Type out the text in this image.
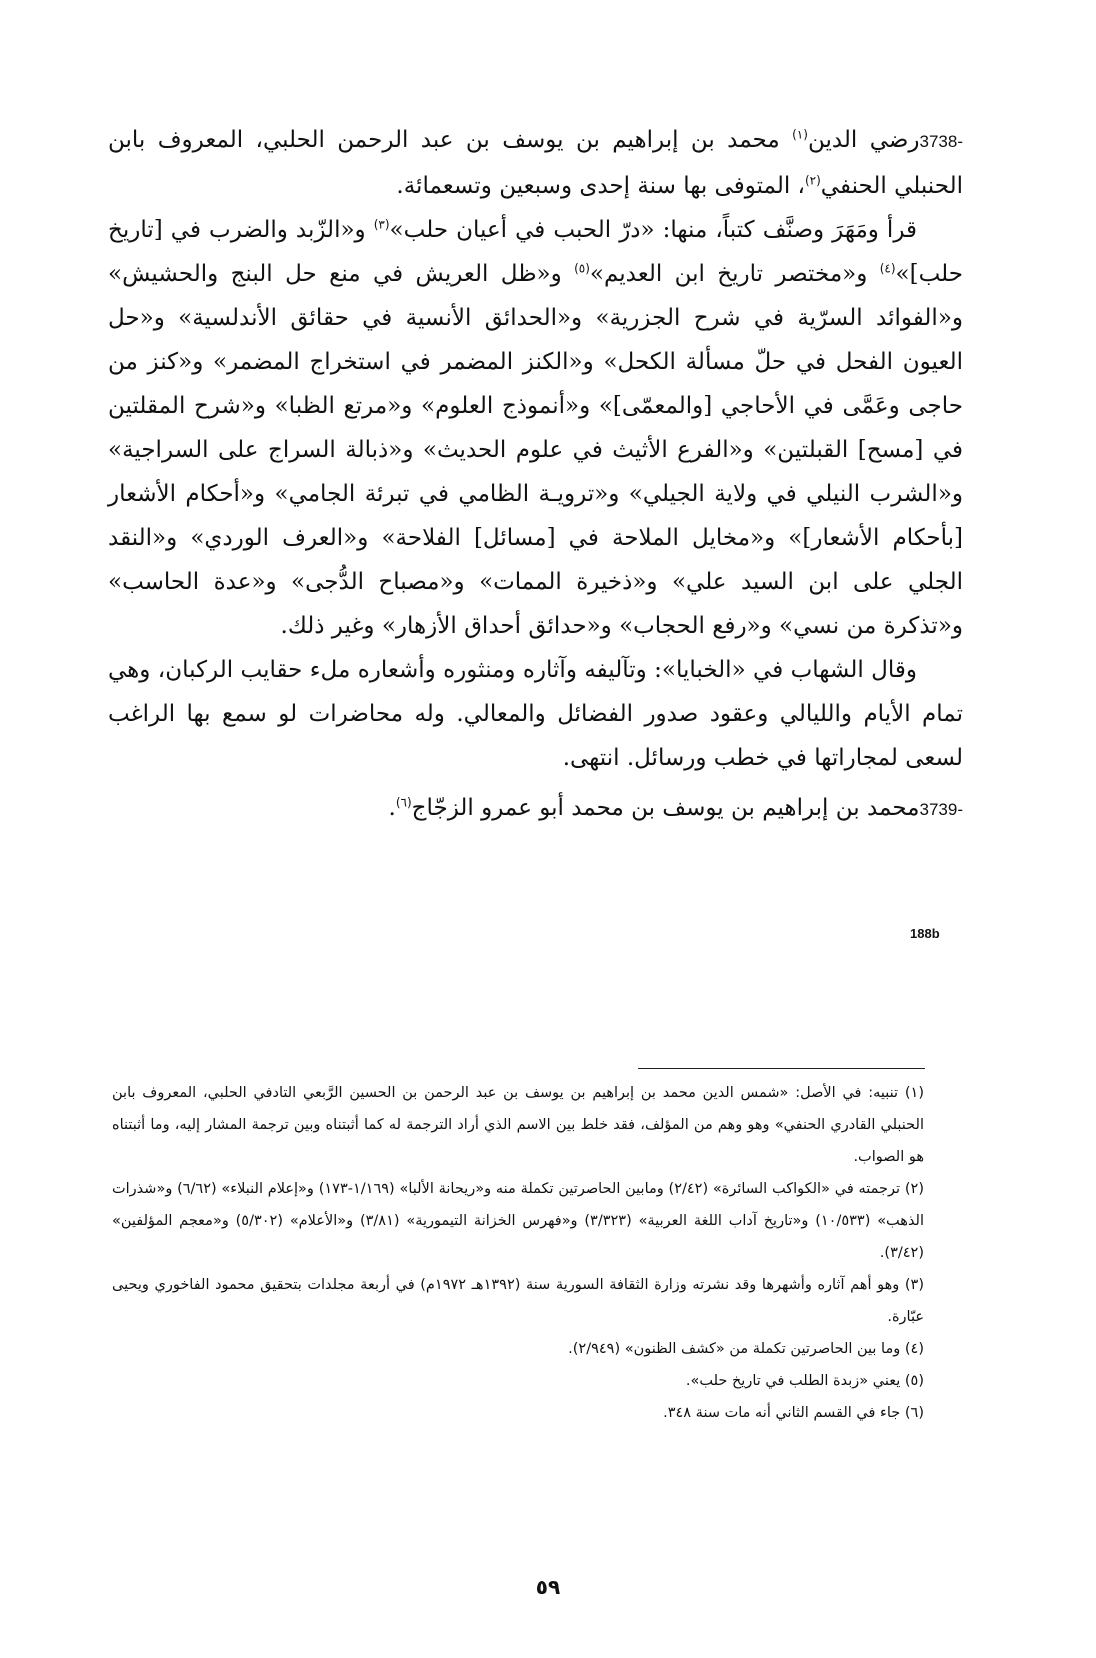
3738-رضي الدين$^{(١)}$ محمد بن إبراهيم بن يوسف بن عبد الرحمن الحلبي، المعروف بابن الحنبلي الحنفي$^{(٢)}$، المتوفى بها سنة إحدى وسبعين وتسعمائة.

قرأ ومَهَرَ وصنَّف كتباً، منها: «درّ الحبب في أعيان حلب»$^{(٣)}$ و«الزّبد والضرب في [تاريخ حلب]»$^{(٤)}$ و«مختصر تاريخ ابن العديم»$^{(٥)}$ و«ظل العريش في منع حل البنج والحشيش» و«الفوائد السرّية في شرح الجزرية» و«الحدائق الأنسية في حقائق الأندلسية» و«حل العيون الفحل في حلّ مسألة الكحل» و«الكنز المضمر في استخراج المضمر» و«كنز من حاجى وعَمَّى في الأحاجي [والمعمّى]» و«أنموذج العلوم» و«مرتع الظبا» و«شرح المقلتين في [مسح] القبلتين» و«الفرع الأثيث في علوم الحديث» و«ذبالة السراج على السراجية» و«الشرب النيلي في ولاية الجيلي» و«ترويـة الظامي في تبرئة الجامي» و«أحكام الأشعار [بأحكام الأشعار]» و«مخايل الملاحة في [مسائل] الفلاحة» و«العرف الوردي» و«النقد الجلي على ابن السيد علي» و«ذخيرة الممات» و«مصباح الدُّجى» و«عدة الحاسب» و«تذكرة من نسي» و«رفع الحجاب» و«حدائق أحداق الأزهار» وغير ذلك.

وقال الشهاب في «الخبايا»: وتآليفه وآثاره ومنثوره وأشعاره ملء حقايب الركبان، وهي تمام الأيام والليالي وعقود صدور الفضائل والمعالي. وله محاضرات لو سمع بها الراغب لسعى لمجاراتها في خطب ورسائل. انتهى.

3739-محمد بن إبراهيم بن يوسف بن محمد أبو عمرو الزجّاج$^{(٦)}$.

188b

(١) تنبيه: في الأصل: «شمس الدين محمد بن إبراهيم بن يوسف بن عبد الرحمن بن الحسين الرَّبعي التادفي الحلبي، المعروف بابن الحنبلي القادري الحنفي» وهو وهم من المؤلف، فقد خلط بين الاسم الذي أراد الترجمة له كما أثبتناه وبين ترجمة المشار إليه، وما أثبتناه هو الصواب.

(٢) ترجمته في «الكواكب السائرة» (٢/٤٢) ومابين الحاصرتين تكملة منه و«ريحانة الألبا» (١/١٦٩-١٧٣) و«إعلام النبلاء» (٦/٦٢) و«شذرات الذهب» (١٠/٥٣٣) و«تاريخ آداب اللغة العربية» (٣/٣٢٣) و«فهرس الخزانة التيمورية» (٣/٨١) و«الأعلام» (٥/٣٠٢) و«معجم المؤلفين» (٣/٤٢).

(٣) وهو أهم آثاره وأشهرها وقد نشرته وزارة الثقافة السورية سنة (١٣٩٢هـ ١٩٧٢م) في أربعة مجلدات بتحقيق محمود الفاخوري ويحيى عبّارة.

(٤) وما بين الحاصرتين تكملة من «كشف الظنون» (٢/٩٤٩).

(٥) يعني «زبدة الطلب في تاريخ حلب».

(٦) جاء في القسم الثاني أنه مات سنة ٣٤٨.

٥٩
